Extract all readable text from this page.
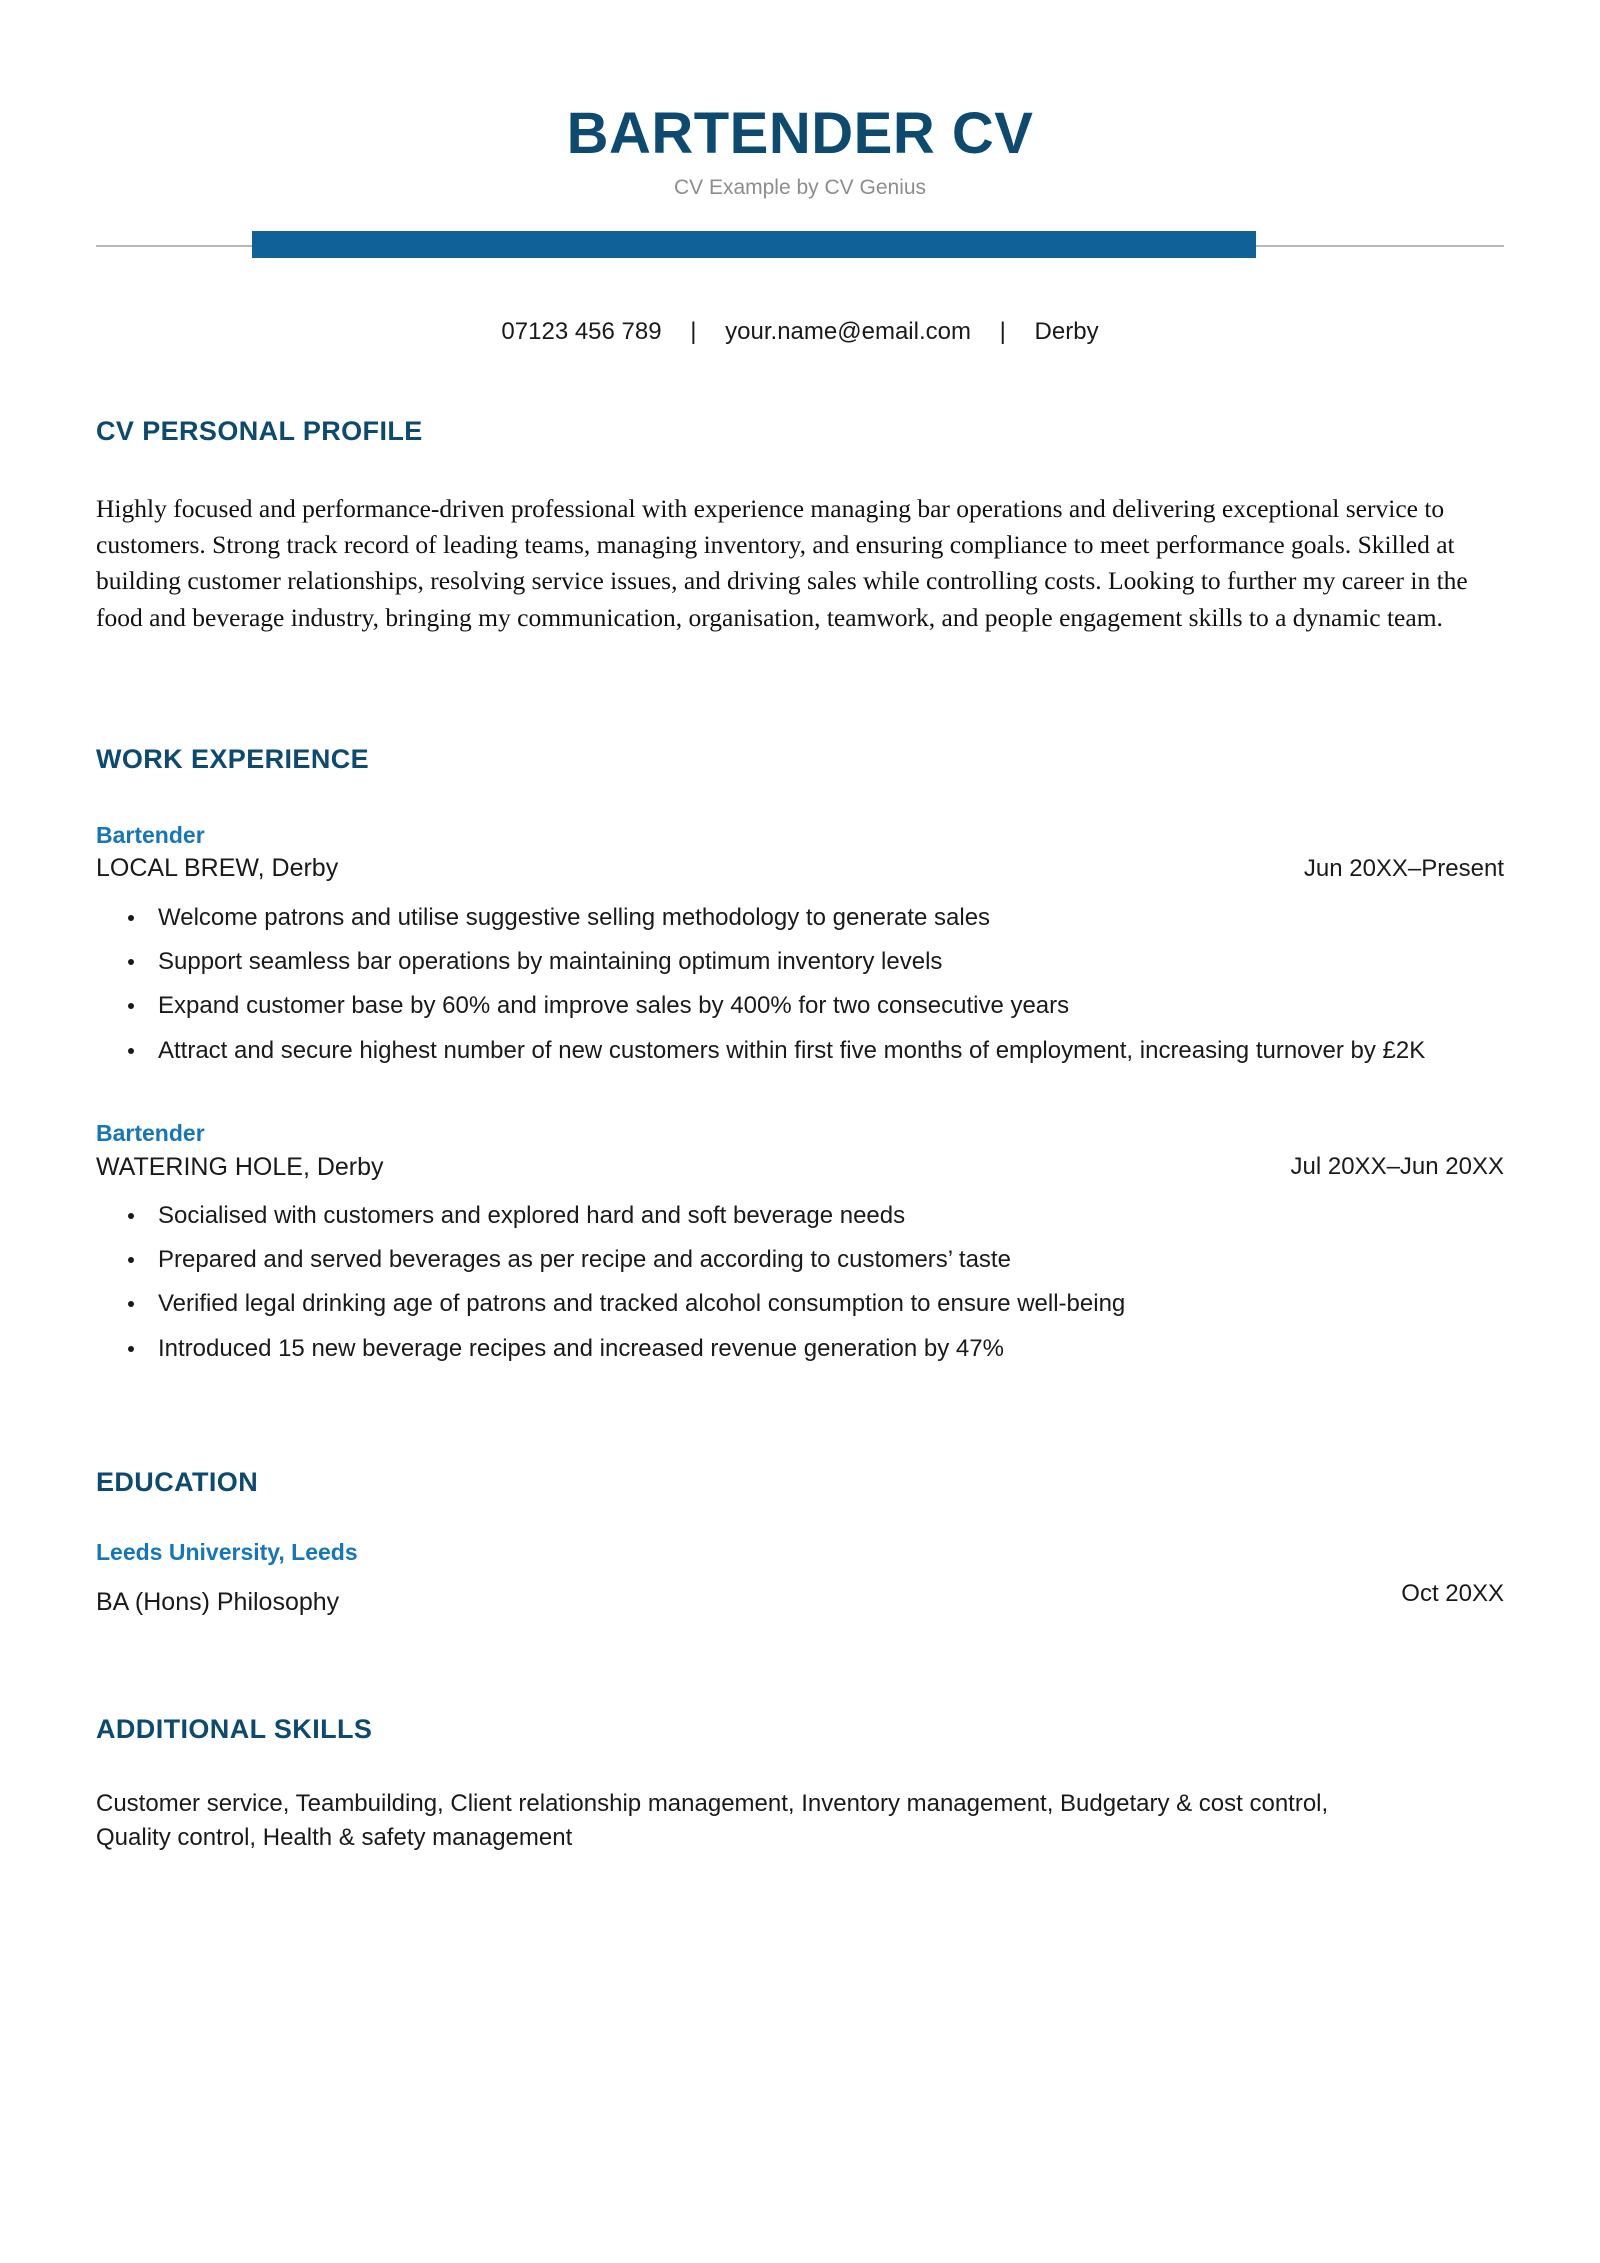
BARTENDER CV
CV Example by CV Genius
07123 456 789 | your.name@email.com | Derby
CV PERSONAL PROFILE
Highly focused and performance-driven professional with experience managing bar operations and delivering exceptional service to customers. Strong track record of leading teams, managing inventory, and ensuring compliance to meet performance goals. Skilled at building customer relationships, resolving service issues, and driving sales while controlling costs. Looking to further my career in the food and beverage industry, bringing my communication, organisation, teamwork, and people engagement skills to a dynamic team.
WORK EXPERIENCE
Bartender
LOCAL BREW, Derby	Jun 20XX–Present
Welcome patrons and utilise suggestive selling methodology to generate sales
Support seamless bar operations by maintaining optimum inventory levels
Expand customer base by 60% and improve sales by 400% for two consecutive years
Attract and secure highest number of new customers within first five months of employment, increasing turnover by £2K
Bartender
WATERING HOLE, Derby	Jul 20XX–Jun 20XX
Socialised with customers and explored hard and soft beverage needs
Prepared and served beverages as per recipe and according to customers’ taste
Verified legal drinking age of patrons and tracked alcohol consumption to ensure well-being
Introduced 15 new beverage recipes and increased revenue generation by 47%
EDUCATION
Leeds University, Leeds
BA (Hons) Philosophy	Oct 20XX
ADDITIONAL SKILLS
Customer service, Teambuilding, Client relationship management, Inventory management, Budgetary & cost control, Quality control, Health & safety management
